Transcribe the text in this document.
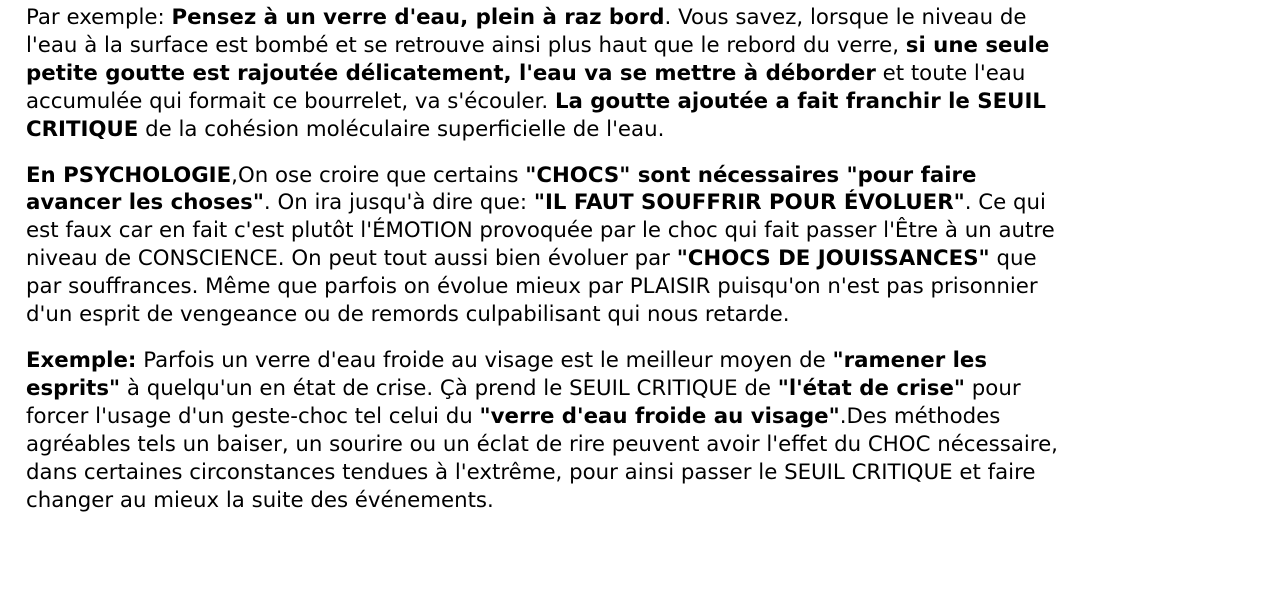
Par exemple: Pensez à un verre d'eau, plein à raz bord. Vous savez, lorsque le niveau de l'eau à la surface est bombé et se retrouve ainsi plus haut que le rebord du verre, si une seule petite goutte est rajoutée délicatement, l'eau va se mettre à déborder et toute l'eau accumulée qui formait ce bourrelet, va s'écouler. La goutte ajoutée a fait franchir le SEUIL CRITIQUE de la cohésion moléculaire superficielle de l'eau.

En PSYCHOLOGIE,On ose croire que certains "CHOCS" sont nécessaires "pour faire avancer les choses". On ira jusqu'à dire que: "IL FAUT SOUFFRIR POUR ÉVOLUER". Ce qui est faux car en fait c'est plutôt l'ÉMOTION provoquée par le choc qui fait passer l'Être à un autre niveau de CONSCIENCE. On peut tout aussi bien évoluer par "CHOCS DE JOUISSANCES" que par souffrances. Même que parfois on évolue mieux par PLAISIR puisqu'on n'est pas prisonnier d'un esprit de vengeance ou de remords culpabilisant qui nous retarde.

Exemple: Parfois un verre d'eau froide au visage est le meilleur moyen de "ramener les esprits" à quelqu'un en état de crise. Çà prend le SEUIL CRITIQUE de "l'état de crise" pour forcer l'usage d'un geste-choc tel celui du "verre d'eau froide au visage".Des méthodes agréables tels un baiser, un sourire ou un éclat de rire peuvent avoir l'effet du CHOC nécessaire, dans certaines circonstances tendues à l'extrême, pour ainsi passer le SEUIL CRITIQUE et faire changer au mieux la suite des événements.
